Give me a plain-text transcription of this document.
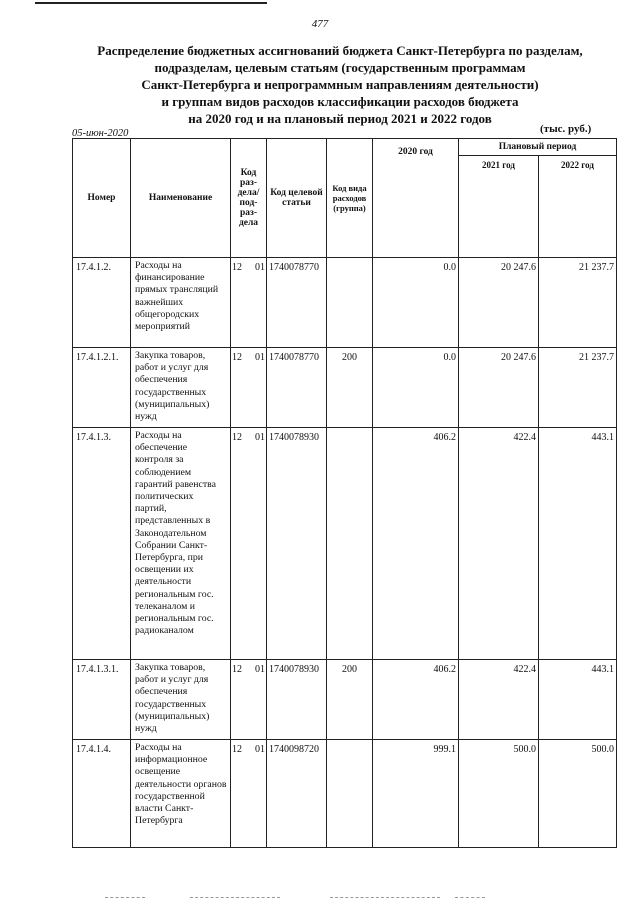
477
Распределение бюджетных ассигнований бюджета Санкт-Петербурга по разделам,
подразделам, целевым статьям (государственным программам
Санкт-Петербурга и непрограммным направлениям деятельности)
и группам видов расходов классификации расходов бюджета
на 2020 год и на плановый период 2021 и 2022 годов
05-июн-2020	(тыс. руб.)
Номер	Наименование	Код раз-дела/ под-раз-дела	Код целевой статьи	Код вида расходов (группа)	2020 год	Плановый период	
						2021 год	2022 год
17.4.1.2.	Расходы на финансирование прямых трансляций важнейших общегородских мероприятий	12 01	1740078770		0.0	20 247.6	21 237.7
17.4.1.2.1.	Закупка товаров, работ и услуг для обеспечения государственных (муниципальных) нужд	12 01	1740078770	200	0.0	20 247.6	21 237.7
17.4.1.3.	Расходы на обеспечение контроля за соблюдением гарантий равенства политических партий, представленных в Законодательном Собрании Санкт-Петербурга, при освещении их деятельности региональным гос. телеканалом и региональным гос. радиоканалом	12 01	1740078930		406.2	422.4	443.1
17.4.1.3.1.	Закупка товаров, работ и услуг для обеспечения государственных (муниципальных) нужд	12 01	1740078930	200	406.2	422.4	443.1
17.4.1.4.	Расходы на информационное освещение деятельности органов государственной власти Санкт-Петербурга	12 01	1740098720		999.1	500.0	500.0
